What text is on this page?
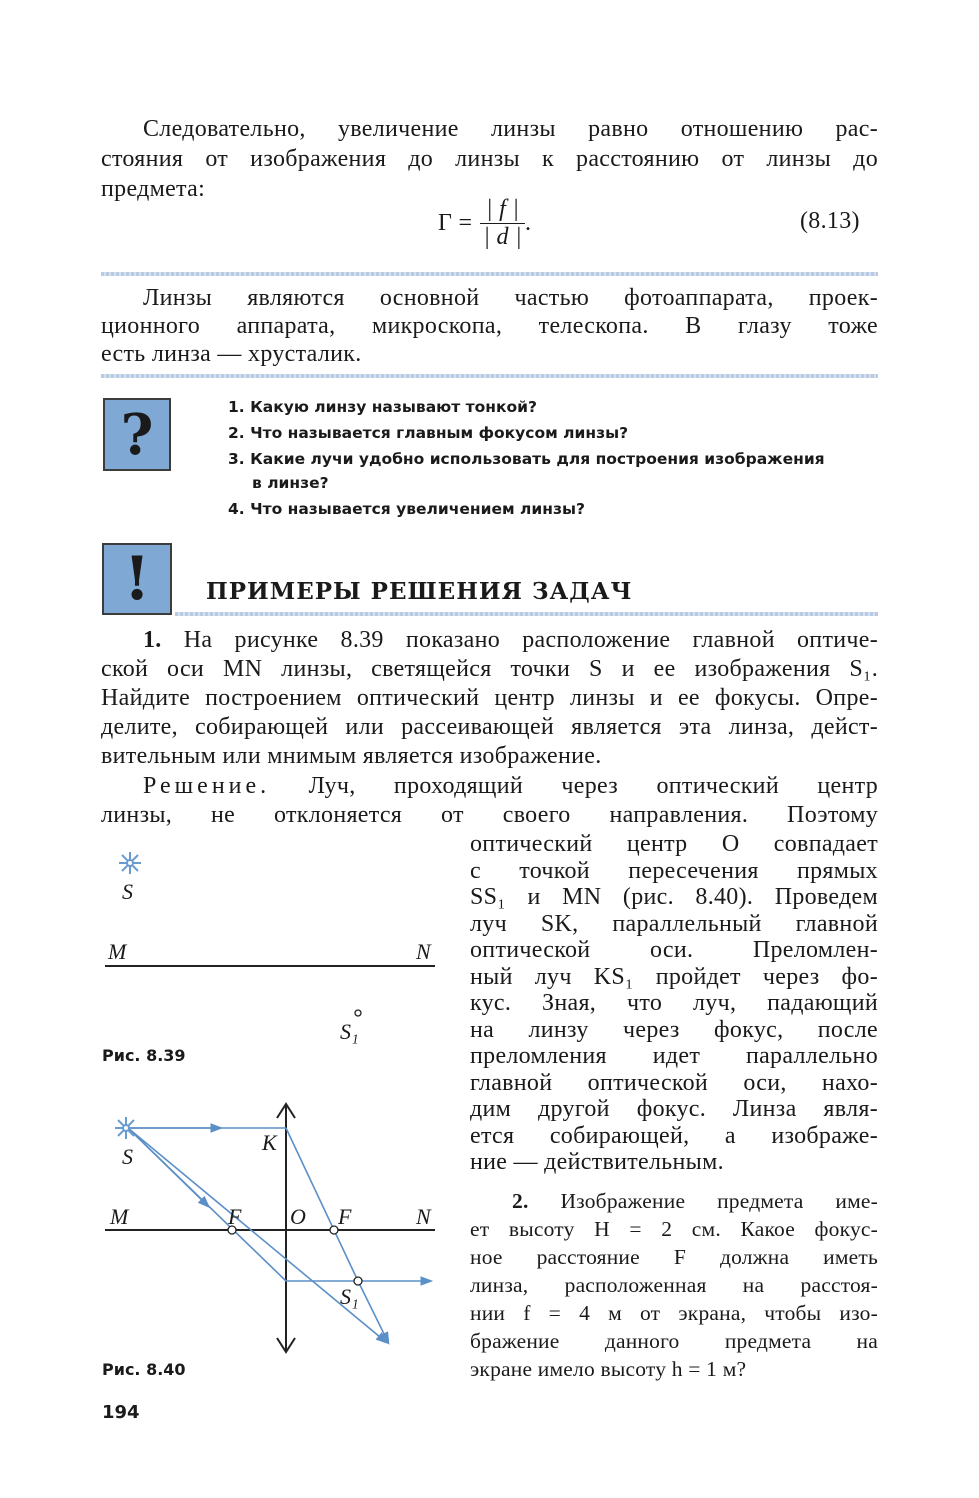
Следовательно, увеличение линзы равно отношению рас-
стояния от изображения до линзы к расстоянию от линзы до
предмета:
$\Gamma = \frac{| f |}{| d |}$ .	(8.13)
Линзы являются основной частью фотоаппарата, проек-
ционного аппарата, микроскопа, телескопа. В глазу тоже
есть линза — хрусталик.
?	1. Какую линзу называют тонкой?
2. Что называется главным фокусом линзы?
3. Какие лучи удобно использовать для построения изображения
в линзе?
4. Что называется увеличением линзы?
!	ПРИМЕРЫ РЕШЕНИЯ ЗАДАЧ
1. На рисунке 8.39 показано расположение главной оптиче-
ской оси MN линзы, светящейся точки S и ее изображения S₁.
Найдите построением оптический центр линзы и ее фокусы. Опре-
делите, собирающей или рассеивающей является эта линза, дейст-
вительным или мнимым является изображение.
Решение. Луч, проходящий через оптический центр
линзы, не отклоняется от своего направления. Поэтому
оптический центр O совпадает
с точкой пересечения прямых
SS₁ и MN (рис. 8.40). Проведем
луч SK, параллельный главной
оптической оси. Преломлен-
ный луч KS₁ пройдет через фо-
кус. Зная, что луч, падающий
на линзу через фокус, после
преломления идет параллельно
главной оптической оси, нахо-
дим другой фокус. Линза явля-
ется собирающей, а изображе-
ние — действительным.
2. Изображение предмета име-
ет высоту H = 2 см. Какое фокус-
ное расстояние F должна иметь
линза, расположенная на расстоя-
нии f = 4 м от экрана, чтобы изо-
бражение данного предмета на
экране имело высоту h = 1 м?
S
M	N
S₁
Рис. 8.39
S
K
M	F O F	N
S₁
Рис. 8.40
194
